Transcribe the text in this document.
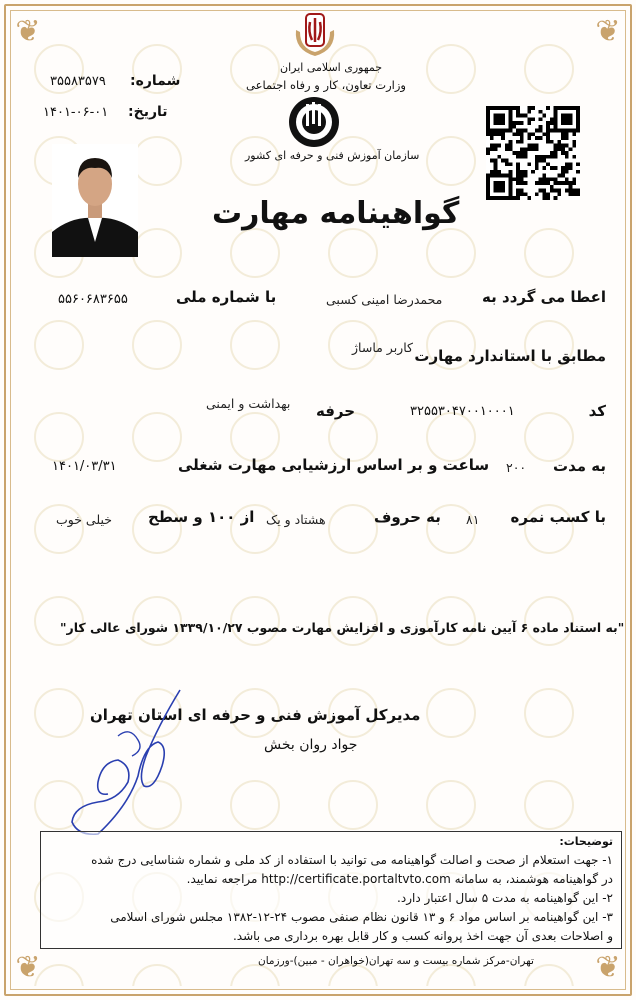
❦	❦
❦	❦
جمهوری اسلامی ایران
وزارت تعاون، کار و رفاه اجتماعی
سازمان آموزش فنی و حرفه ای کشور
شماره:
۳۵۵۸۳۵۷۹
تاریخ:
۱۴۰۱-۰۶-۰۱
گواهینامه مهارت
اعطا می گردد به
محمدرضا امینی کسبی
با شماره ملی
۵۵۶۰۶۸۳۶۵۵
مطابق با استاندارد مهارت
کاربر ماساژ
کد
۳۲۵۵۳۰۴۷۰۰۱۰۰۰۱
حرفه
بهداشت و ایمنی
به مدت
۲۰۰
ساعت و بر اساس ارزشیابی مهارت شغلی
۱۴۰۱/۰۳/۳۱
با کسب نمره
۸۱
به حروف
هشتاد و یک
از ۱۰۰ و سطح
خیلی خوب
"به استناد ماده ۶ آیین نامه کارآموزی و افزایش مهارت مصوب ۱۳۳۹/۱۰/۲۷ شورای عالی کار"
مدیرکل آموزش فنی و حرفه ای استان تهران
جواد روان بخش
توضیحات:
۱- جهت استعلام از صحت و اصالت گواهینامه می توانید با استفاده از کد ملی و شماره شناسایی درج شده
در گواهینامه هوشمند، به سامانه http://certificate.portaltvto.com مراجعه نمایید.
۲- این گواهینامه به مدت ۵ سال اعتبار دارد.
۳- این گواهینامه بر اساس مواد ۶ و ۱۳ قانون نظام صنفی مصوب ۲۴-۱۲-۱۳۸۲ مجلس شورای اسلامی
و اصلاحات بعدی آن جهت اخذ پروانه کسب و کار قابل بهره برداری می باشد.
تهران-مرکز شماره بیست و سه تهران(خواهران - مبین)-ورزمان
